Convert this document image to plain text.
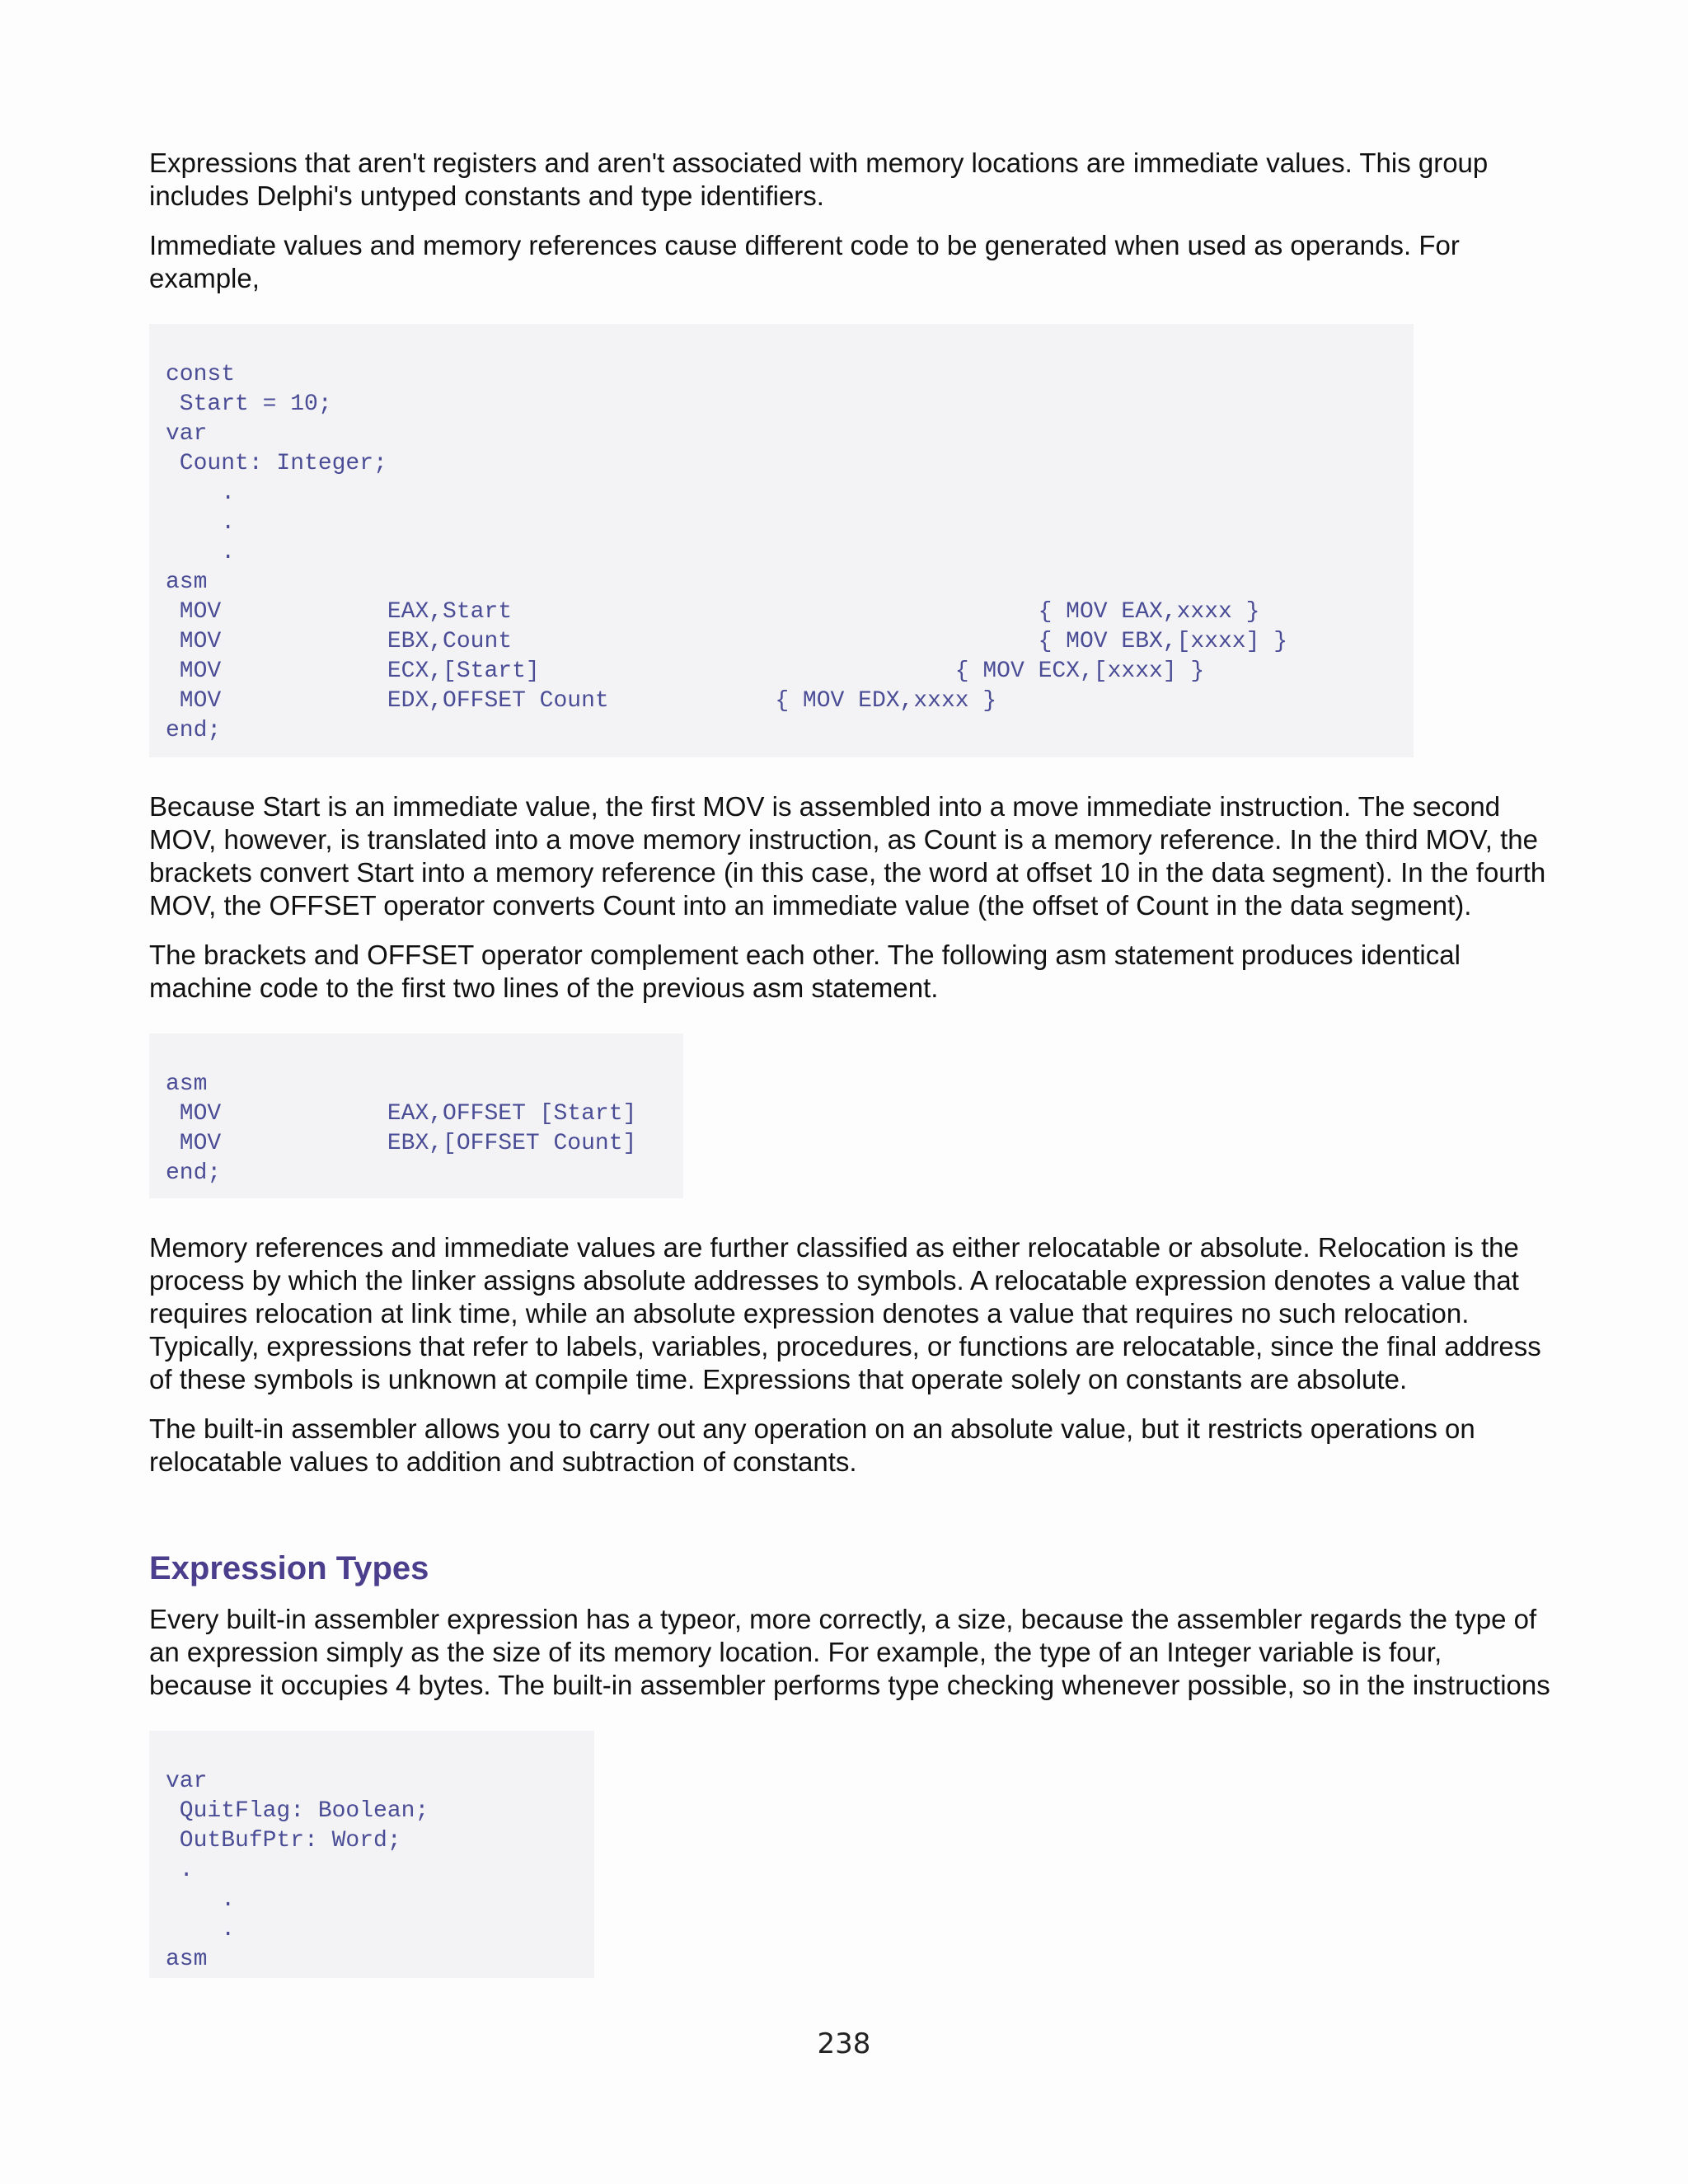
Expressions that aren't registers and aren't associated with memory locations are immediate values. This group includes Delphi's untyped constants and type identifiers.

Immediate values and memory references cause different code to be generated when used as operands. For example,

const
Start = 10;
var
Count: Integer;
.
.
.
asm
MOV            EAX,Start                                      { MOV EAX,xxxx }
MOV            EBX,Count                                      { MOV EBX,[xxxx] }
MOV            ECX,[Start]                              { MOV ECX,[xxxx] }
MOV            EDX,OFFSET Count            { MOV EDX,xxxx }
end;

Because Start is an immediate value, the first MOV is assembled into a move immediate instruction. The second MOV, however, is translated into a move memory instruction, as Count is a memory reference. In the third MOV, the brackets convert Start into a memory reference (in this case, the word at offset 10 in the data segment). In the fourth MOV, the OFFSET operator converts Count into an immediate value (the offset of Count in the data segment).

The brackets and OFFSET operator complement each other. The following asm statement produces identical machine code to the first two lines of the previous asm statement.

asm
MOV            EAX,OFFSET [Start]
MOV            EBX,[OFFSET Count]
end;

Memory references and immediate values are further classified as either relocatable or absolute. Relocation is the process by which the linker assigns absolute addresses to symbols. A relocatable expression denotes a value that requires relocation at link time, while an absolute expression denotes a value that requires no such relocation. Typically, expressions that refer to labels, variables, procedures, or functions are relocatable, since the final address of these symbols is unknown at compile time. Expressions that operate solely on constants are absolute.

The built-in assembler allows you to carry out any operation on an absolute value, but it restricts operations on relocatable values to addition and subtraction of constants.

Expression Types

Every built-in assembler expression has a typeor, more correctly, a size, because the assembler regards the type of an expression simply as the size of its memory location. For example, the type of an Integer variable is four, because it occupies 4 bytes. The built-in assembler performs type checking whenever possible, so in the instructions

var
QuitFlag: Boolean;
OutBufPtr: Word;
.
.
.
asm
238
